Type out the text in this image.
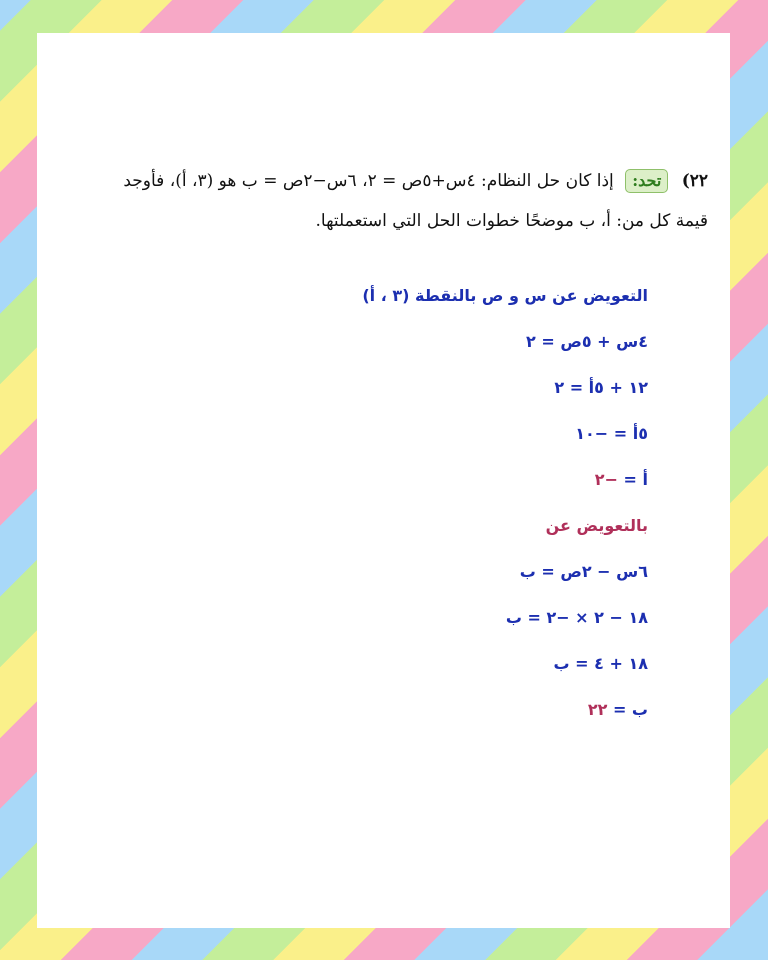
٢٢) تحد: إذا كان حل النظام: ٤س+٥ص = ٢، ٦س−٢ص = ب هو (٣، أ)، فأوجد قيمة كل من: أ، ب موضحًا خطوات الحل التي استعملتها.
التعويض عن س و ص بالنقطة (٣ ، أ)
٤س + ٥ص = ٢
١٢ + ٥أ = ٢
٥أ = −١٠
أ = −٢
بالتعويض عن
٦س − ٢ص = ب
١٨ − ٢ × −٢ = ب
١٨ + ٤ = ب
ب = ٢٢
